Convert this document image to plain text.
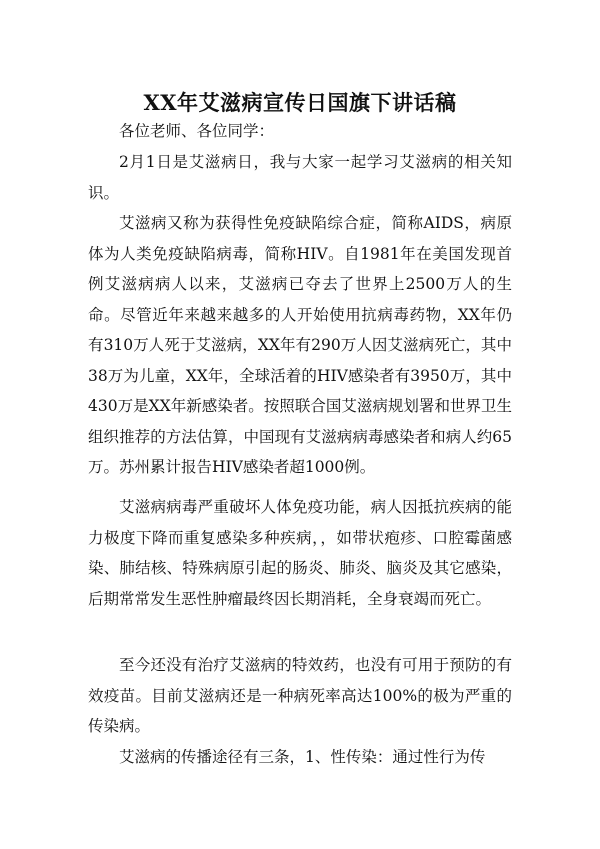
XX年艾滋病宣传日国旗下讲话稿

各位老师、各位同学：

2月1日是艾滋病日，我与大家一起学习艾滋病的相关知识。

艾滋病又称为获得性免疫缺陷综合症，简称AIDS，病原体为人类免疫缺陷病毒，简称HIV。自1981年在美国发现首例艾滋病病人以来，艾滋病已夺去了世界上2500万人的生命。尽管近年来越来越多的人开始使用抗病毒药物，XX年仍有310万人死于艾滋病，XX年有290万人因艾滋病死亡，其中38万为儿童，XX年，全球活着的HIV感染者有3950万，其中430万是XX年新感染者。按照联合国艾滋病规划署和世界卫生组织推荐的方法估算，中国现有艾滋病病毒感染者和病人约65万。苏州累计报告HIV感染者超1000例。

艾滋病病毒严重破坏人体免疫功能，病人因抵抗疾病的能力极度下降而重复感染多种疾病，，如带状疱疹、口腔霉菌感染、肺结核、特殊病原引起的肠炎、肺炎、脑炎及其它感染，后期常常发生恶性肿瘤最终因长期消耗，全身衰竭而死亡。

至今还没有治疗艾滋病的特效药，也没有可用于预防的有效疫苗。目前艾滋病还是一种病死率高达100%的极为严重的传染病。

艾滋病的传播途径有三条，1、性传染：通过性行为传
